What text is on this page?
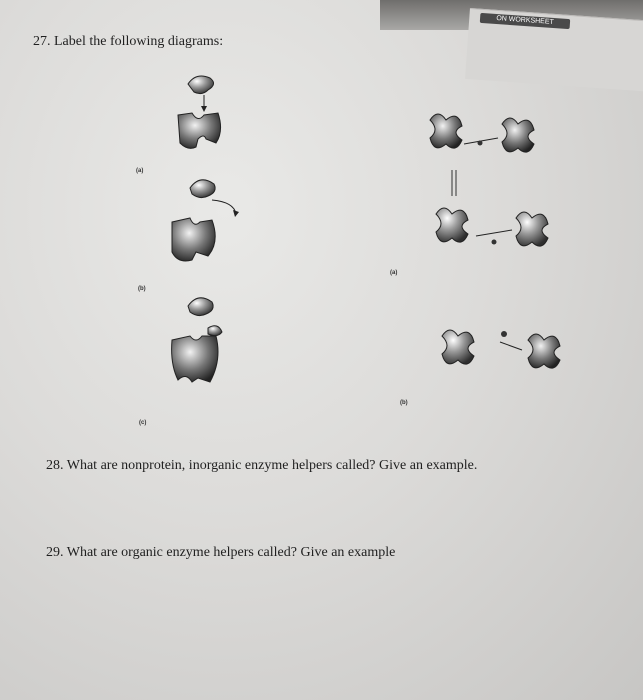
ON WORKSHEET
27. Label the following diagrams:
28. What are nonprotein, inorganic enzyme helpers called? Give an example.
29. What are organic enzyme helpers called? Give an example
(a)
(b)
(c)
(a)
(b)
